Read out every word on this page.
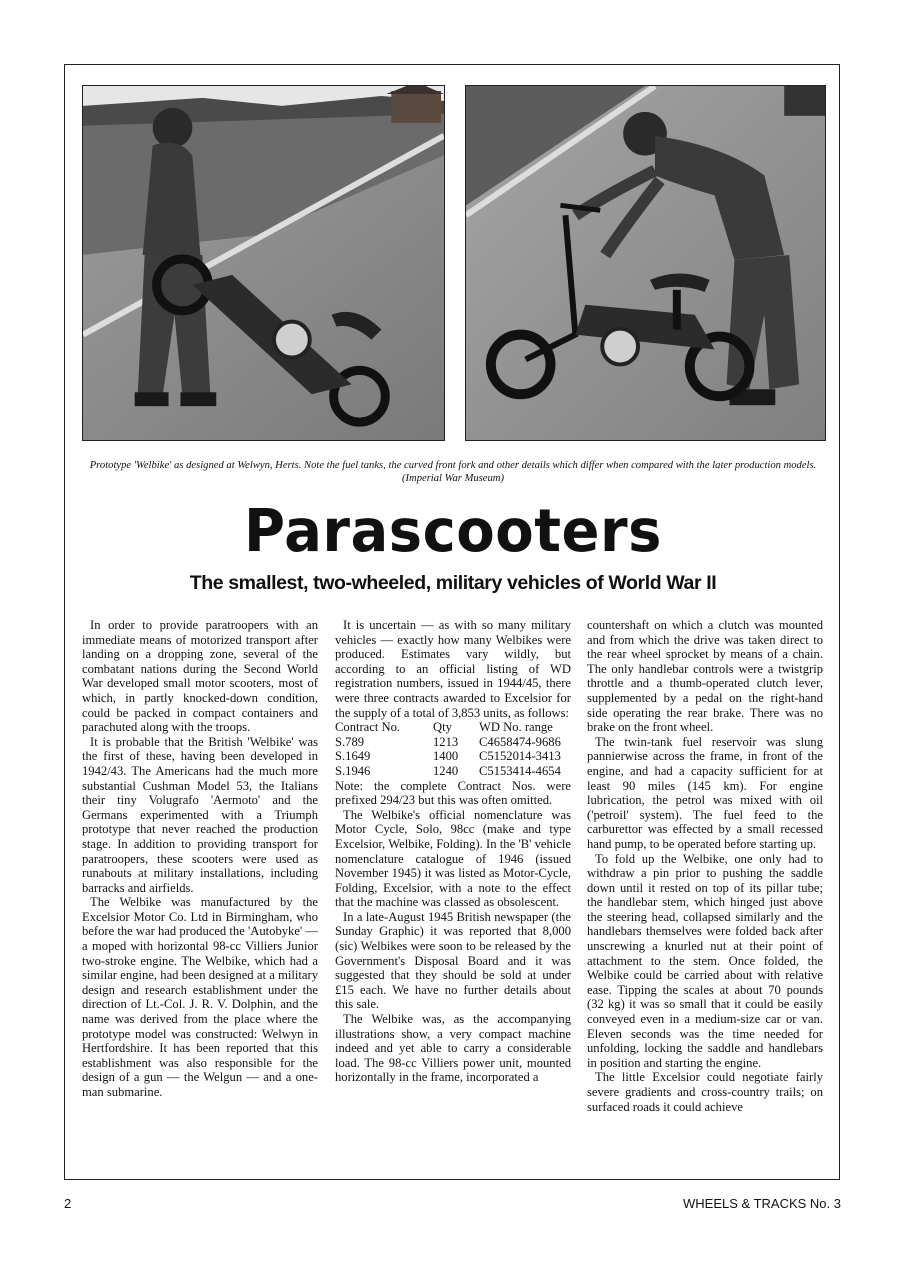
Prototype 'Welbike' as designed at Welwyn, Herts. Note the fuel tanks, the curved front fork and other details which differ when compared with the later production models. (Imperial War Museum)
Parascooters
The smallest, two-wheeled, military vehicles of World War II

In order to provide paratroopers with an immediate means of motorized transport after landing on a dropping zone, several of the combatant nations during the Second World War developed small motor scooters, most of which, in partly knocked-down condition, could be packed in compact containers and parachuted along with the troops.

It is probable that the British 'Welbike' was the first of these, having been developed in 1942/43. The Americans had the much more substantial Cushman Model 53, the Italians their tiny Volugrafo 'Aermoto' and the Germans experimented with a Triumph prototype that never reached the production stage. In addition to providing transport for paratroopers, these scooters were used as runabouts at military installations, including barracks and airfields.

The Welbike was manufactured by the Excelsior Motor Co. Ltd in Birmingham, who before the war had produced the 'Autobyke' — a moped with horizontal 98-cc Villiers Junior two-stroke engine. The Welbike, which had a similar engine, had been designed at a military design and research establishment under the direction of Lt.-Col. J. R. V. Dolphin, and the name was derived from the place where the prototype model was constructed: Welwyn in Hertfordshire. It has been reported that this establishment was also responsible for the design of a gun — the Welgun — and a one-man submarine.

It is uncertain — as with so many military vehicles — exactly how many Welbikes were produced. Estimates vary wildly, but according to an official listing of WD registration numbers, issued in 1944/45, there were three contracts awarded to Excelsior for the supply of a total of 3,853 units, as follows:

Contract No.	Qty	WD No. range
S.789	1213	C4658474-9686
S.1649	1400	C5152014-3413
S.1946	1240	C5153414-4654

Note: the complete Contract Nos. were prefixed 294/23 but this was often omitted.

The Welbike's official nomenclature was Motor Cycle, Solo, 98cc (make and type Excelsior, Welbike, Folding). In the 'B' vehicle nomenclature catalogue of 1946 (issued November 1945) it was listed as Motor-Cycle, Folding, Excelsior, with a note to the effect that the machine was classed as obsolescent.

In a late-August 1945 British newspaper (the Sunday Graphic) it was reported that 8,000 (sic) Welbikes were soon to be released by the Government's Disposal Board and it was suggested that they should be sold at under £15 each. We have no further details about this sale.

The Welbike was, as the accompanying illustrations show, a very compact machine indeed and yet able to carry a considerable load. The 98-cc Villiers power unit, mounted horizontally in the frame, incorporated a

countershaft on which a clutch was mounted and from which the drive was taken direct to the rear wheel sprocket by means of a chain. The only handlebar controls were a twistgrip throttle and a thumb-operated clutch lever, supplemented by a pedal on the right-hand side operating the rear brake. There was no brake on the front wheel.

The twin-tank fuel reservoir was slung pannierwise across the frame, in front of the engine, and had a capacity sufficient for at least 90 miles (145 km). For engine lubrication, the petrol was mixed with oil ('petroil' system). The fuel feed to the carburettor was effected by a small recessed hand pump, to be operated before starting up.

To fold up the Welbike, one only had to withdraw a pin prior to pushing the saddle down until it rested on top of its pillar tube; the handlebar stem, which hinged just above the steering head, collapsed similarly and the handlebars themselves were folded back after unscrewing a knurled nut at their point of attachment to the stem. Once folded, the Welbike could be carried about with relative ease. Tipping the scales at about 70 pounds (32 kg) it was so small that it could be easily conveyed even in a medium-size car or van. Eleven seconds was the time needed for unfolding, locking the saddle and handlebars in position and starting the engine.

The little Excelsior could negotiate fairly severe gradients and cross-country trails; on surfaced roads it could achieve

2	WHEELS & TRACKS No. 3
